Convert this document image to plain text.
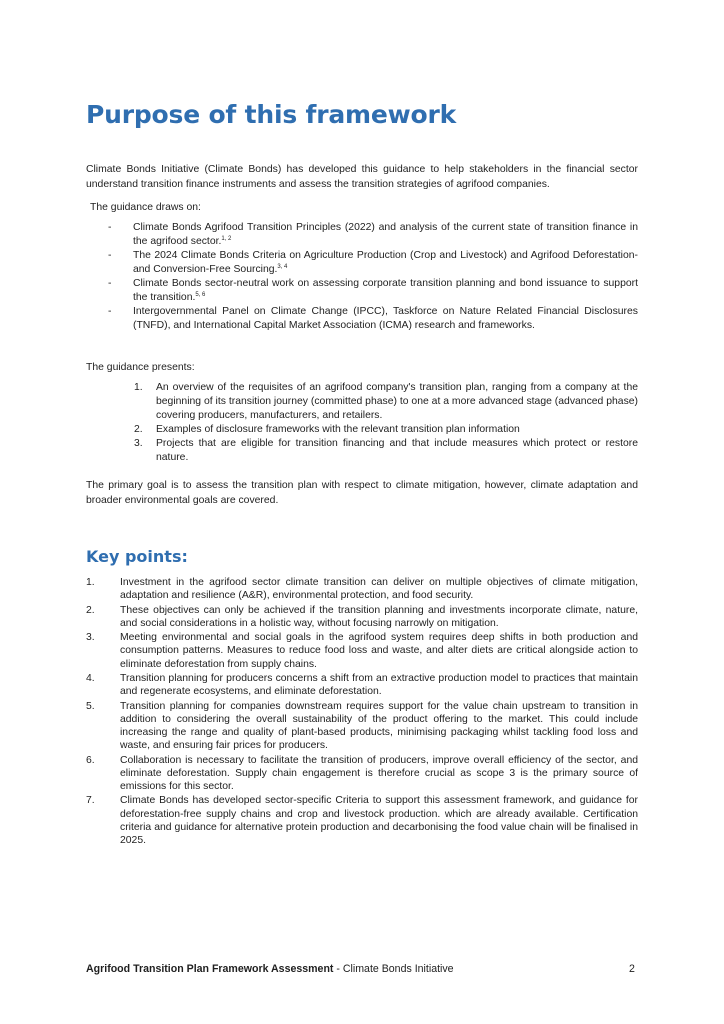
Purpose of this framework

Climate Bonds Initiative (Climate Bonds) has developed this guidance to help stakeholders in the financial sector understand transition finance instruments and assess the transition strategies of agrifood companies.

The guidance draws on:

- Climate Bonds Agrifood Transition Principles (2022) and analysis of the current state of transition finance in the agrifood sector.$^{1, 2}$
- The 2024 Climate Bonds Criteria on Agriculture Production (Crop and Livestock) and Agrifood Deforestation- and Conversion-Free Sourcing.$^{3, 4}$
- Climate Bonds sector-neutral work on assessing corporate transition planning and bond issuance to support the transition.$^{5, 6}$
- Intergovernmental Panel on Climate Change (IPCC), Taskforce on Nature Related Financial Disclosures (TNFD), and International Capital Market Association (ICMA) research and frameworks.

The guidance presents:

1. An overview of the requisites of an agrifood company's transition plan, ranging from a company at the beginning of its transition journey (committed phase) to one at a more advanced stage (advanced phase) covering producers, manufacturers, and retailers.
2. Examples of disclosure frameworks with the relevant transition plan information
3. Projects that are eligible for transition financing and that include measures which protect or restore nature.

The primary goal is to assess the transition plan with respect to climate mitigation, however, climate adaptation and broader environmental goals are covered.

Key points:
1. Investment in the agrifood sector climate transition can deliver on multiple objectives of climate mitigation, adaptation and resilience (A&R), environmental protection, and food security.
2. These objectives can only be achieved if the transition planning and investments incorporate climate, nature, and social considerations in a holistic way, without focusing narrowly on mitigation.
3. Meeting environmental and social goals in the agrifood system requires deep shifts in both production and consumption patterns. Measures to reduce food loss and waste, and alter diets are critical alongside action to eliminate deforestation from supply chains.
4. Transition planning for producers concerns a shift from an extractive production model to practices that maintain and regenerate ecosystems, and eliminate deforestation.
5. Transition planning for companies downstream requires support for the value chain upstream to transition in addition to considering the overall sustainability of the product offering to the market. This could include increasing the range and quality of plant-based products, minimising packaging whilst tackling food loss and waste, and ensuring fair prices for producers.
6. Collaboration is necessary to facilitate the transition of producers, improve overall efficiency of the sector, and eliminate deforestation. Supply chain engagement is therefore crucial as scope 3 is the primary source of emissions for this sector.
7. Climate Bonds has developed sector-specific Criteria to support this assessment framework, and guidance for deforestation-free supply chains and crop and livestock production. which are already available. Certification criteria and guidance for alternative protein production and decarbonising the food value chain will be finalised in 2025.
Agrifood Transition Plan Framework Assessment - Climate Bonds Initiative	2
